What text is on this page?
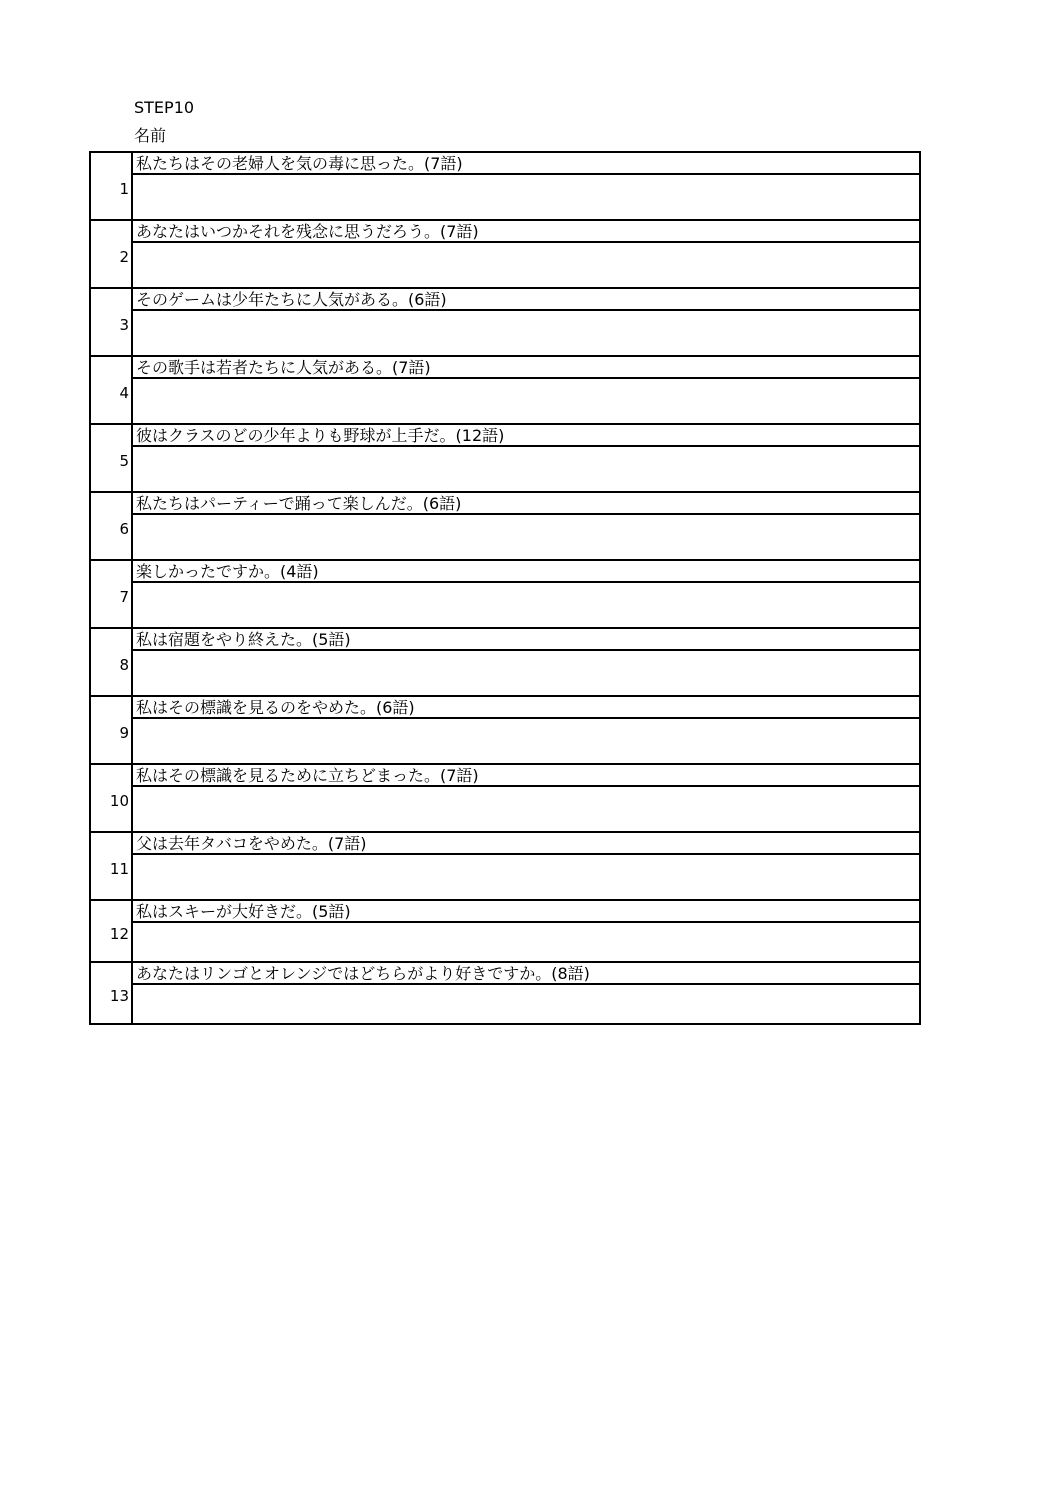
STEP10
名前
1	私たちはその老婦人を気の毒に思った。(7語)

2	あなたはいつかそれを残念に思うだろう。(7語)

3	そのゲームは少年たちに人気がある。(6語)

4	その歌手は若者たちに人気がある。(7語)

5	彼はクラスのどの少年よりも野球が上手だ。(12語)

6	私たちはパーティーで踊って楽しんだ。(6語)

7	楽しかったですか。(4語)

8	私は宿題をやり終えた。(5語)

9	私はその標識を見るのをやめた。(6語)

10	私はその標識を見るために立ちどまった。(7語)

11	父は去年タバコをやめた。(7語)

12	私はスキーが大好きだ。(5語)

13	あなたはリンゴとオレンジではどちらがより好きですか。(8語)
